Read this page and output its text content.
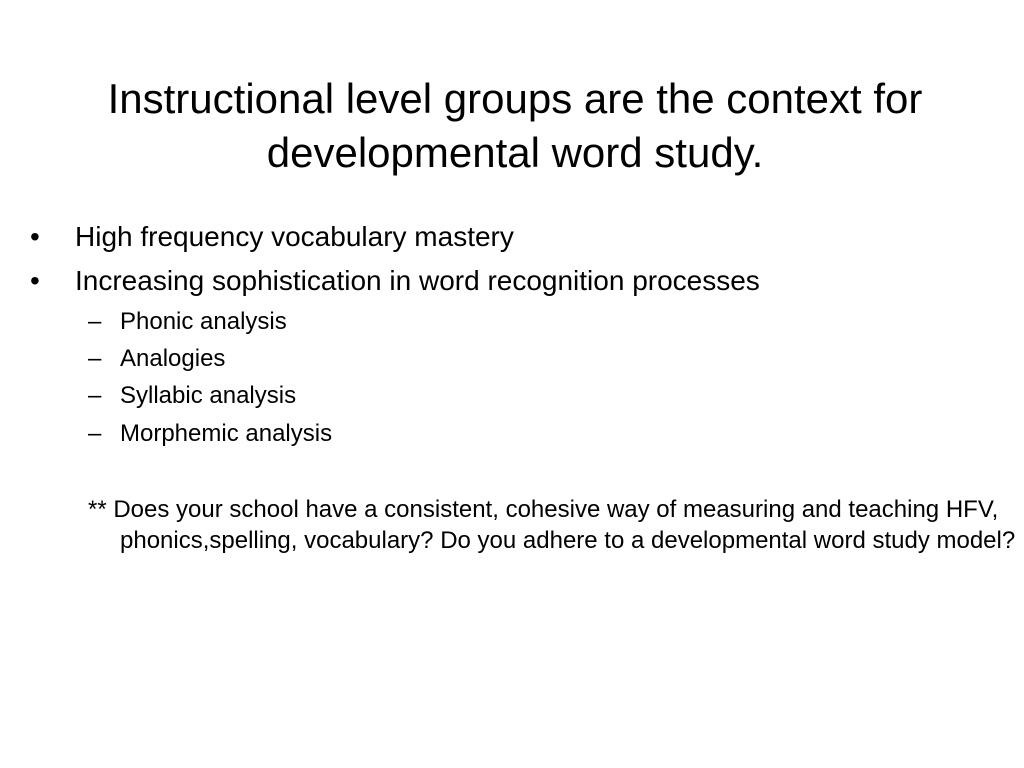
Instructional level groups are the context for developmental word study.
• High frequency vocabulary mastery
• Increasing sophistication in word recognition processes
– Phonic analysis
– Analogies
– Syllabic analysis
– Morphemic analysis
** Does your school have a consistent, cohesive way of measuring and teaching HFV, phonics,spelling, vocabulary? Do you adhere to a developmental word study model?
